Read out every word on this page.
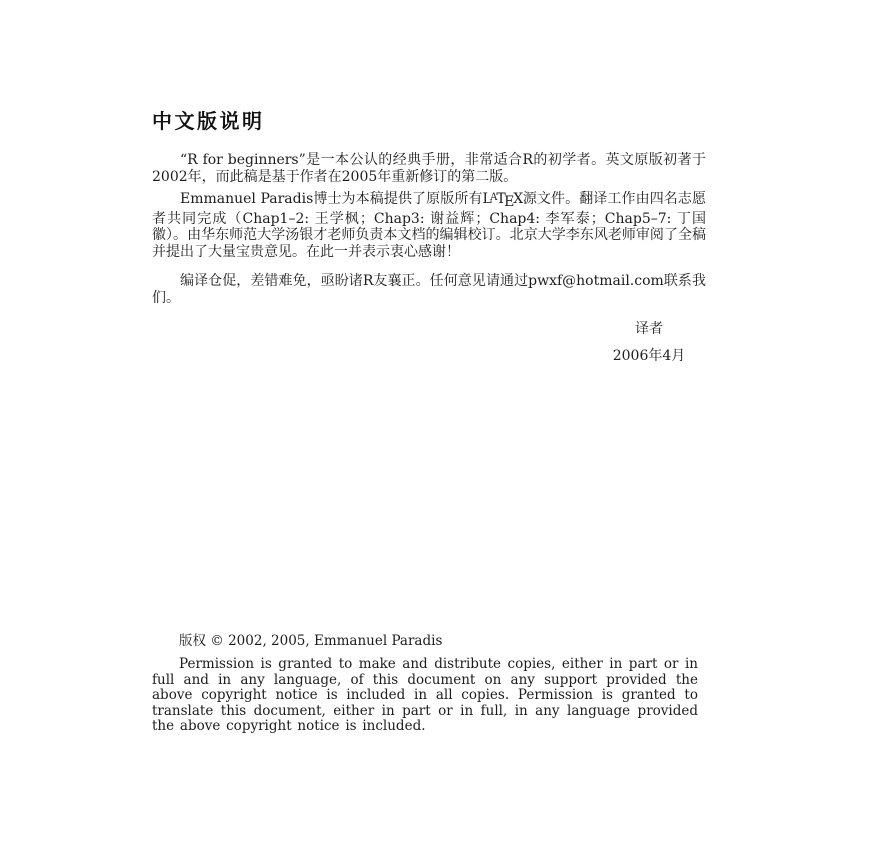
中文版说明

“R for beginners”是一本公认的经典手册，非常适合R的初学者。英文原版初著于2002年，而此稿是基于作者在2005年重新修订的第二版。

Emmanuel Paradis博士为本稿提供了原版所有$L^ATEX$源文件。翻译工作由四名志愿者共同完成（Chap1–2: 王学枫；Chap3: 谢益辉；Chap4: 李军泰；Chap5–7: 丁国徽）。由华东师范大学汤银才老师负责本文档的编辑校订。北京大学李东风老师审阅了全稿并提出了大量宝贵意见。在此一并表示衷心感谢！

编译仓促，差错难免，亟盼诸R友襄正。任何意见请通过pwxf@hotmail.com联系我们。

译者
2006年4月

版权 © 2002, 2005, Emmanuel Paradis

Permission is granted to make and distribute copies, either in part or in full and in any language, of this document on any support provided the above copyright notice is included in all copies. Permission is granted to translate this document, either in part or in full, in any language provided the above copyright notice is included.
